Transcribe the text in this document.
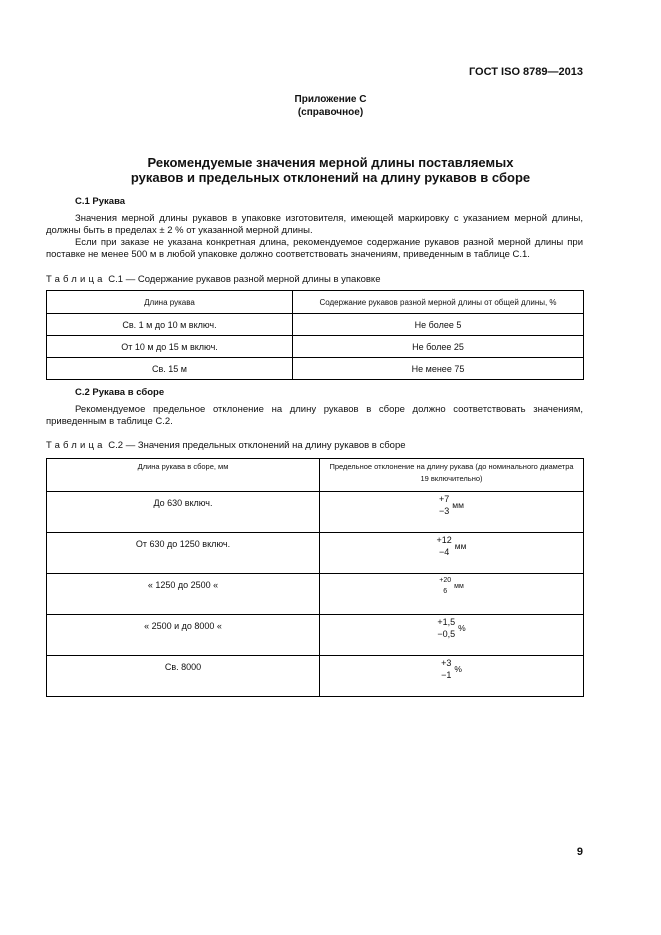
ГОСТ ISO 8789—2013
Приложение С
(справочное)
Рекомендуемые значения мерной длины поставляемых
рукавов и предельных отклонений на длину рукавов в сборе
С.1 Рукава

Значения мерной длины рукавов в упаковке изготовителя, имеющей маркировку с указанием мерной длины, должны быть в пределах ± 2 % от указанной мерной длины.

Если при заказе не указана конкретная длина, рекомендуемое содержание рукавов разной мерной длины при поставке не менее 500 м в любой упаковке должно соответствовать значениям, приведенным в таблице С.1.

Таблица С.1 — Содержание рукавов разной мерной длины в упаковке
Длина рукава	Содержание рукавов разной мерной длины от общей длины, %
Св. 1 м до 10 м включ.	Не более 5
От 10 м до 15 м включ.	Не более 25
Св. 15 м	Не менее 75
С.2 Рукава в сборе

Рекомендуемое предельное отклонение на длину рукавов в сборе должно соответствовать значениям, приведенным в таблице С.2.

Таблица С.2 — Значения предельных отклонений на длину рукавов в сборе
Длина рукава в сборе, мм	Предельное отклонение на длину рукава (до номинального диаметра 19 включительно)
До 630 включ.	+7
−3
мм

От 630 до 1250 включ.	+12
−4
мм

« 1250 до 2500 «	+20
6
мм

« 2500 и до 8000 «	+1,5
−0,5
%

Св. 8000	+3
−1
%
9
